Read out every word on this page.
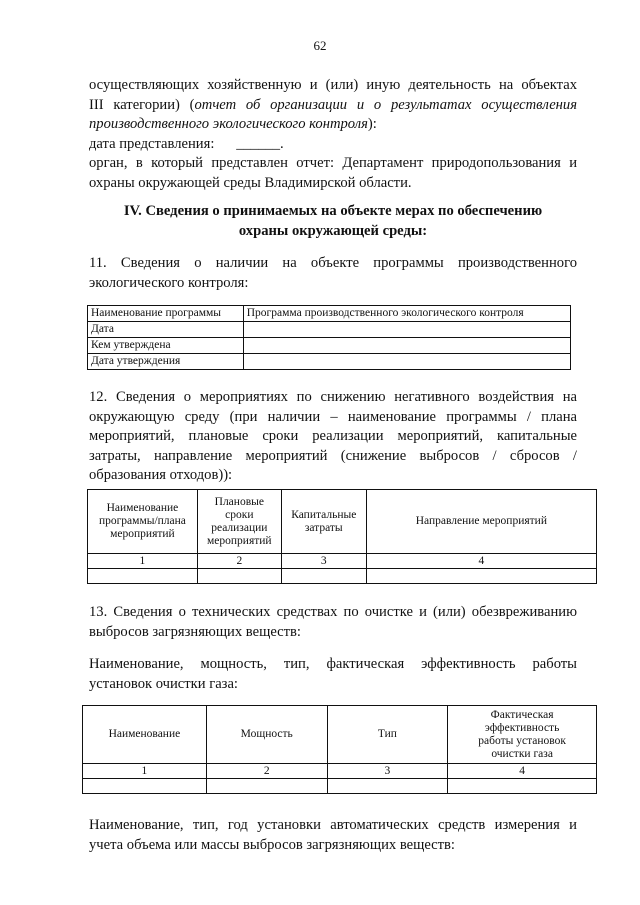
62
осуществляющих хозяйственную и (или) иную деятельность на объектах
III категории) (отчет об организации и о результатах осуществления
производственного экологического контроля):
дата представления:      ______.
орган, в который представлен отчет: Департамент природопользования и
охраны окружающей среды Владимирской области.
IV. Сведения о принимаемых на объекте мерах по обеспечению
охраны окружающей среды:
11. Сведения о наличии на объекте программы производственного
экологического контроля:
Наименование программы	Программа производственного экологического контроля
Дата	
Кем утверждена	
Дата утверждения	
12. Сведения о мероприятиях по снижению негативного воздействия на
окружающую среду (при наличии – наименование программы / плана
мероприятий, плановые сроки реализации мероприятий, капитальные
затраты, направление мероприятий (снижение выбросов / сбросов /
образования отходов)):
Наименование
программы/плана
мероприятий	Плановые
сроки
реализации
мероприятий	Капитальные
затраты	Направление мероприятий

1	2	3	4

13. Сведения о технических средствах по очистке и (или) обезвреживанию
выбросов загрязняющих веществ:
Наименование, мощность, тип, фактическая эффективность работы
установок очистки газа:
Наименование	Мощность	Тип	Фактическая
эффективность
работы установок
очистки газа

1	2	3	4

Наименование, тип, год установки автоматических средств измерения и
учета объема или массы выбросов загрязняющих веществ:
